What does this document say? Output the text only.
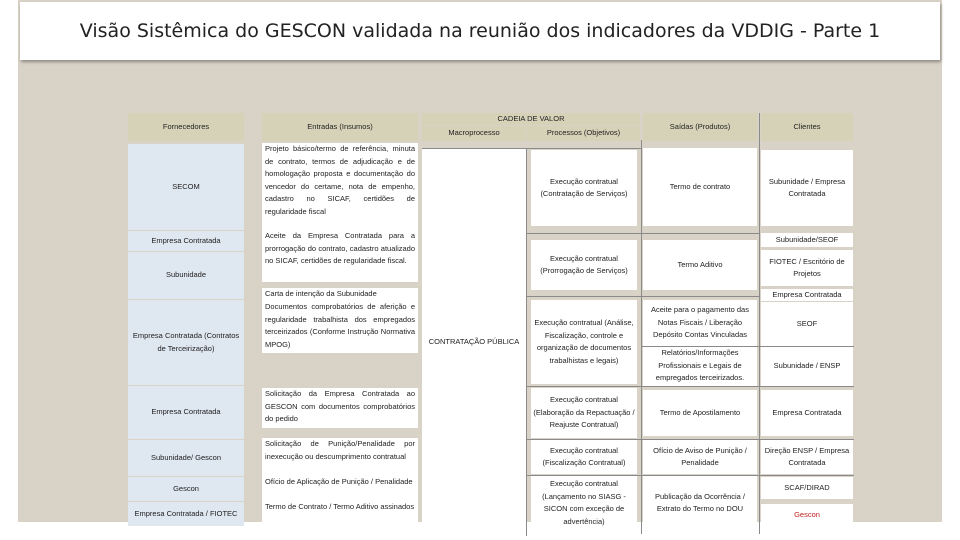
Visão Sistêmica do GESCON validada na reunião dos indicadores da VDDIG - Parte 1
Fornecedores
SECOM
Empresa Contratada
Subunidade
Empresa Contratada (Contratos de Terceirização)
Empresa Contratada
Subunidade/ Gescon
Gescon
Empresa Contratada / FIOTEC
Entradas (Insumos)
Projeto básico/termo de referência, minuta de contrato, termos de adjudicação e de homologação proposta e documentação do vencedor do certame, nota de empenho, cadastro no SICAF, certidões de regularidade fiscal
Aceite da Empresa Contratada para a prorrogação do contrato, cadastro atualizado no SICAF, certidões de regularidade fiscal.
Carta de intenção da Subunidade
Documentos comprobatórios de aferição e regularidade trabalhista dos empregados terceirizados (Conforme Instrução Normativa MPOG)
Solicitação da Empresa Contratada ao GESCON com documentos comprobatórios do pedido
Solicitação de Punição/Penalidade por inexecução ou descumprimento contratual
Ofício de Aplicação de Punição / Penalidade
Termo de Contrato / Termo Aditivo assinados
CADEIA DE VALOR
Macroprocesso	Processos (Objetivos)
CONTRATAÇÃO PÚBLICA
Execução contratual (Contratação de Serviços)
Execução contratual (Prorrogação de Serviços)
Execução contratual (Análise, Fiscalização, controle e organização de documentos trabalhistas e legais)
Execução contratual (Elaboração da Repactuação / Reajuste Contratual)
Execução contratual (Fiscalização Contratual)
Execução contratual (Lançamento no SIASG - SICON com exceção de advertência)
Saídas (Produtos)
Termo de contrato
Termo Aditivo
Aceite para o pagamento das Notas Fiscais / Liberação Depósito Contas Vinculadas
Relatórios/Informações Profissionais e Legais de empregados terceirizados.
Termo de Apostilamento
Ofício de Aviso de Punição / Penalidade
Publicação da Ocorrência / Extrato do Termo no DOU
Clientes
Subunidade / Empresa Contratada
Subunidade/SEOF
FIOTEC / Escritório de Projetos
Empresa Contratada
SEOF
Subunidade / ENSP
Empresa Contratada
Direção ENSP / Empresa Contratada
SCAF/DIRAD
Gescon
